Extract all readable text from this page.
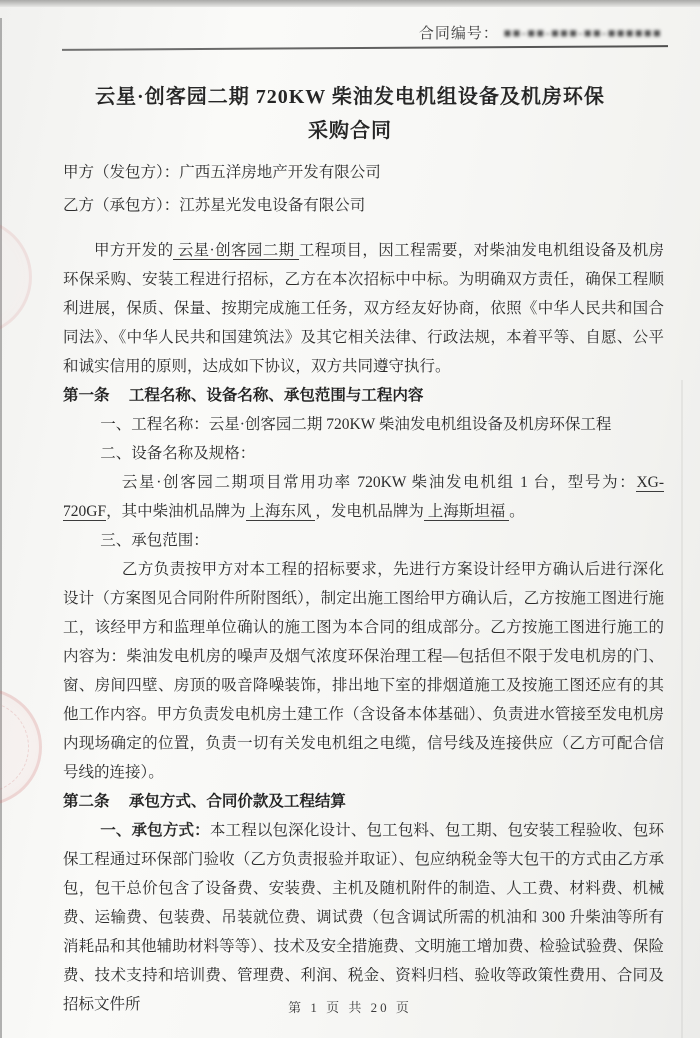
合同编号： ■■-■■-■■■-■■-■■■■■■
云星·创客园二期 720KW 柴油发电机组设备及机房环保
采购合同
甲方（发包方）：广西五洋房地产开发有限公司
乙方（承包方）：江苏星光发电设备有限公司

甲方开发的 云星·创客园二期 工程项目，因工程需要，对柴油发电机组设备及机房环保采购、安装工程进行招标，乙方在本次招标中中标。为明确双方责任，确保工程顺利进展，保质、保量、按期完成施工任务，双方经友好协商，依照《中华人民共和国合同法》、《中华人民共和国建筑法》及其它相关法律、行政法规，本着平等、自愿、公平和诚实信用的原则，达成如下协议，双方共同遵守执行。

第一条　 工程名称、设备名称、承包范围与工程内容

一、工程名称：云星·创客园二期 720KW 柴油发电机组设备及机房环保工程

二、设备名称及规格：

云星·创客园二期项目常用功率 720KW 柴油发电机组 1 台，型号为：XG-720GF，其中柴油机品牌为 上海东风 ，发电机品牌为 上海斯坦福 。

三、承包范围：

乙方负责按甲方对本工程的招标要求，先进行方案设计经甲方确认后进行深化设计（方案图见合同附件所附图纸），制定出施工图给甲方确认后，乙方按施工图进行施工，该经甲方和监理单位确认的施工图为本合同的组成部分。乙方按施工图进行施工的内容为：柴油发电机房的噪声及烟气浓度环保治理工程—包括但不限于发电机房的门、窗、房间四壁、房顶的吸音降噪装饰，排出地下室的排烟道施工及按施工图还应有的其他工作内容。甲方负责发电机房土建工作（含设备本体基础）、负责进水管接至发电机房内现场确定的位置，负责一切有关发电机组之电缆，信号线及连接供应（乙方可配合信号线的连接）。

第二条　 承包方式、合同价款及工程结算

一、承包方式：本工程以包深化设计、包工包料、包工期、包安装工程验收、包环保工程通过环保部门验收（乙方负责报验并取证）、包应纳税金等大包干的方式由乙方承包，包干总价包含了设备费、安装费、主机及随机附件的制造、人工费、材料费、机械费、运输费、包装费、吊装就位费、调试费（包含调试所需的机油和 300 升柴油等所有消耗品和其他辅助材料等等）、技术及安全措施费、文明施工增加费、检验试验费、保险费、技术支持和培训费、管理费、利润、税金、资料归档、验收等政策性费用、合同及招标文件所	第 1 页 共 20 页
